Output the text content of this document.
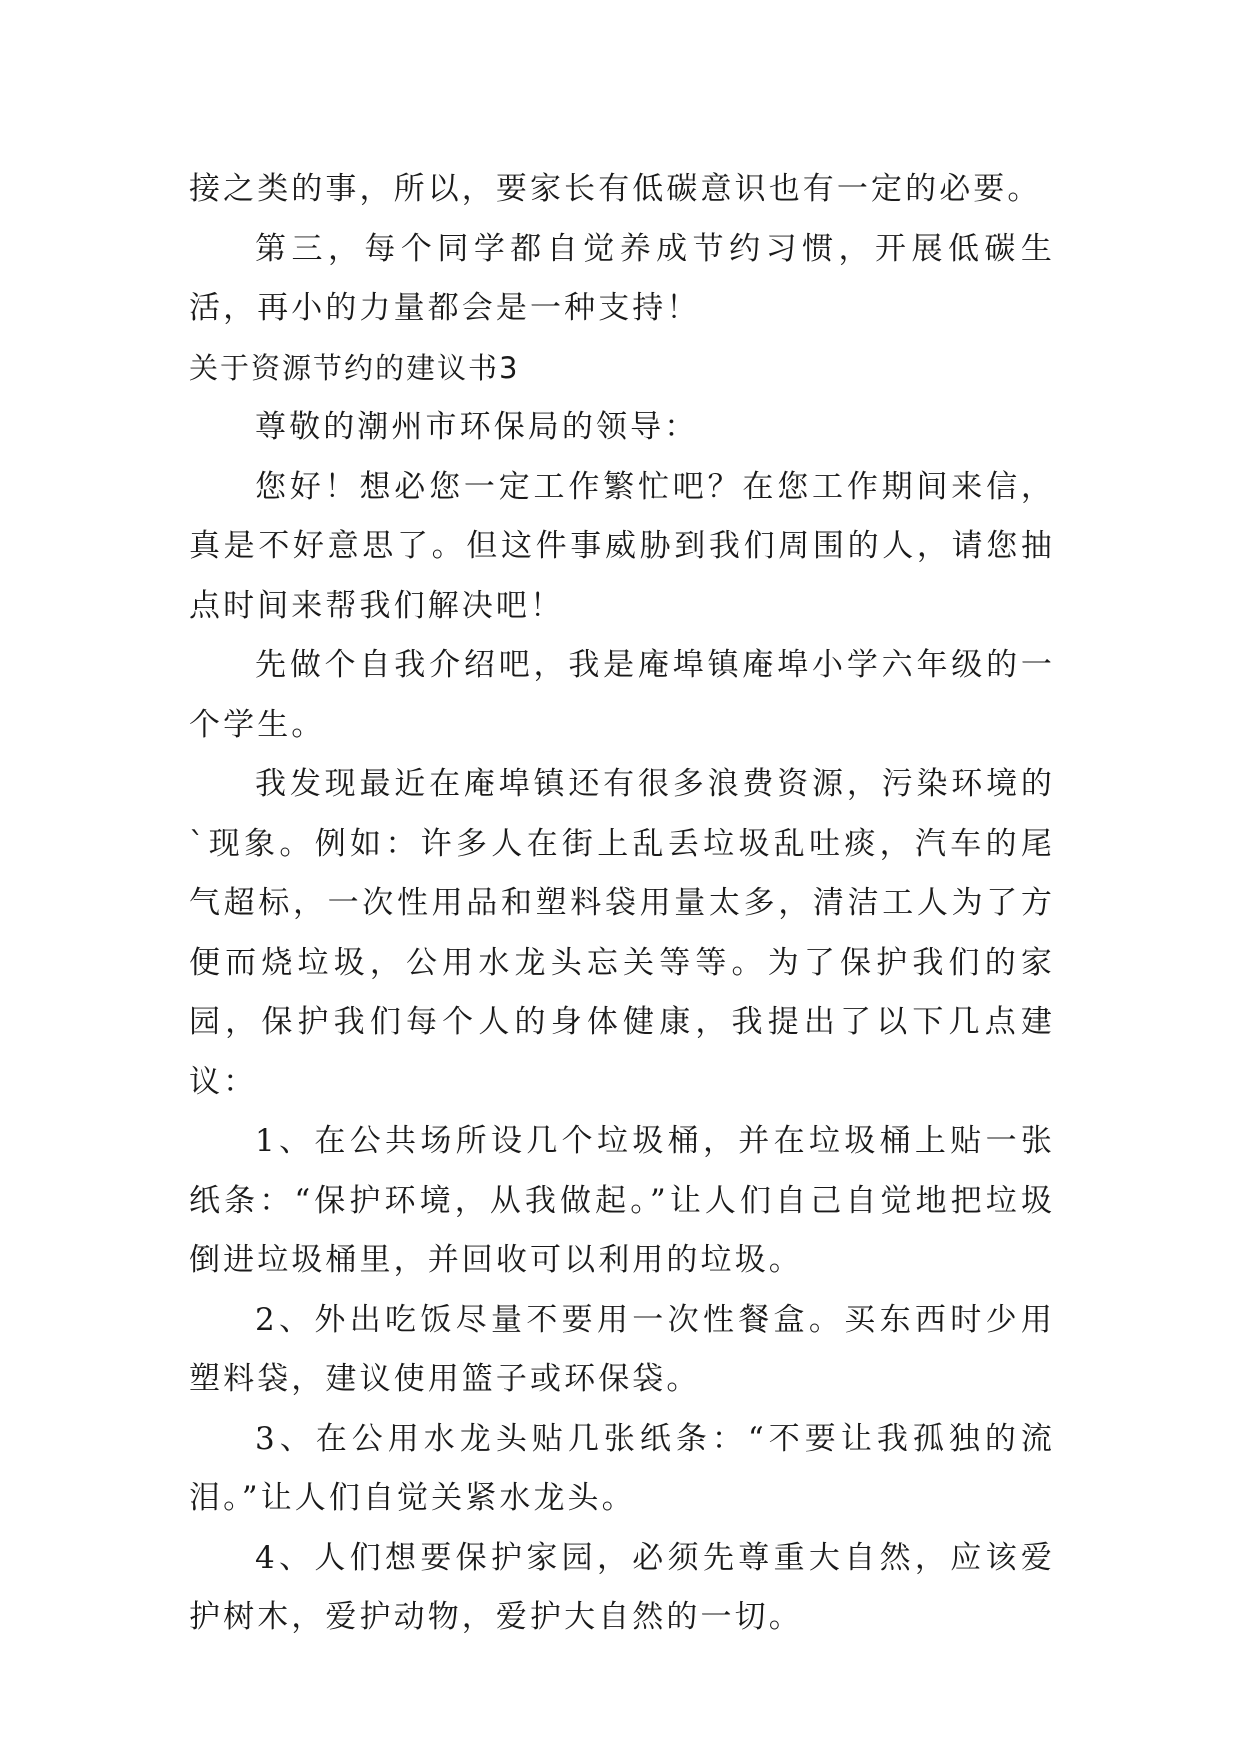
接之类的事，所以，要家长有低碳意识也有一定的必要。

第三，每个同学都自觉养成节约习惯，开展低碳生活，再小的力量都会是一种支持！

关于资源节约的建议书3

尊敬的潮州市环保局的领导：

您好！想必您一定工作繁忙吧？在您工作期间来信，真是不好意思了。但这件事威胁到我们周围的人，请您抽点时间来帮我们解决吧！

先做个自我介绍吧，我是庵埠镇庵埠小学六年级的一个学生。

我发现最近在庵埠镇还有很多浪费资源，污染环境的`现象。例如：许多人在街上乱丢垃圾乱吐痰，汽车的尾气超标，一次性用品和塑料袋用量太多，清洁工人为了方便而烧垃圾，公用水龙头忘关等等。为了保护我们的家园，保护我们每个人的身体健康，我提出了以下几点建议：

1、在公共场所设几个垃圾桶，并在垃圾桶上贴一张纸条：“保护环境，从我做起。”让人们自己自觉地把垃圾倒进垃圾桶里，并回收可以利用的垃圾。

2、外出吃饭尽量不要用一次性餐盒。买东西时少用塑料袋，建议使用篮子或环保袋。

3、在公用水龙头贴几张纸条：“不要让我孤独的流泪。”让人们自觉关紧水龙头。

4、人们想要保护家园，必须先尊重大自然，应该爱护树木，爱护动物，爱护大自然的一切。
